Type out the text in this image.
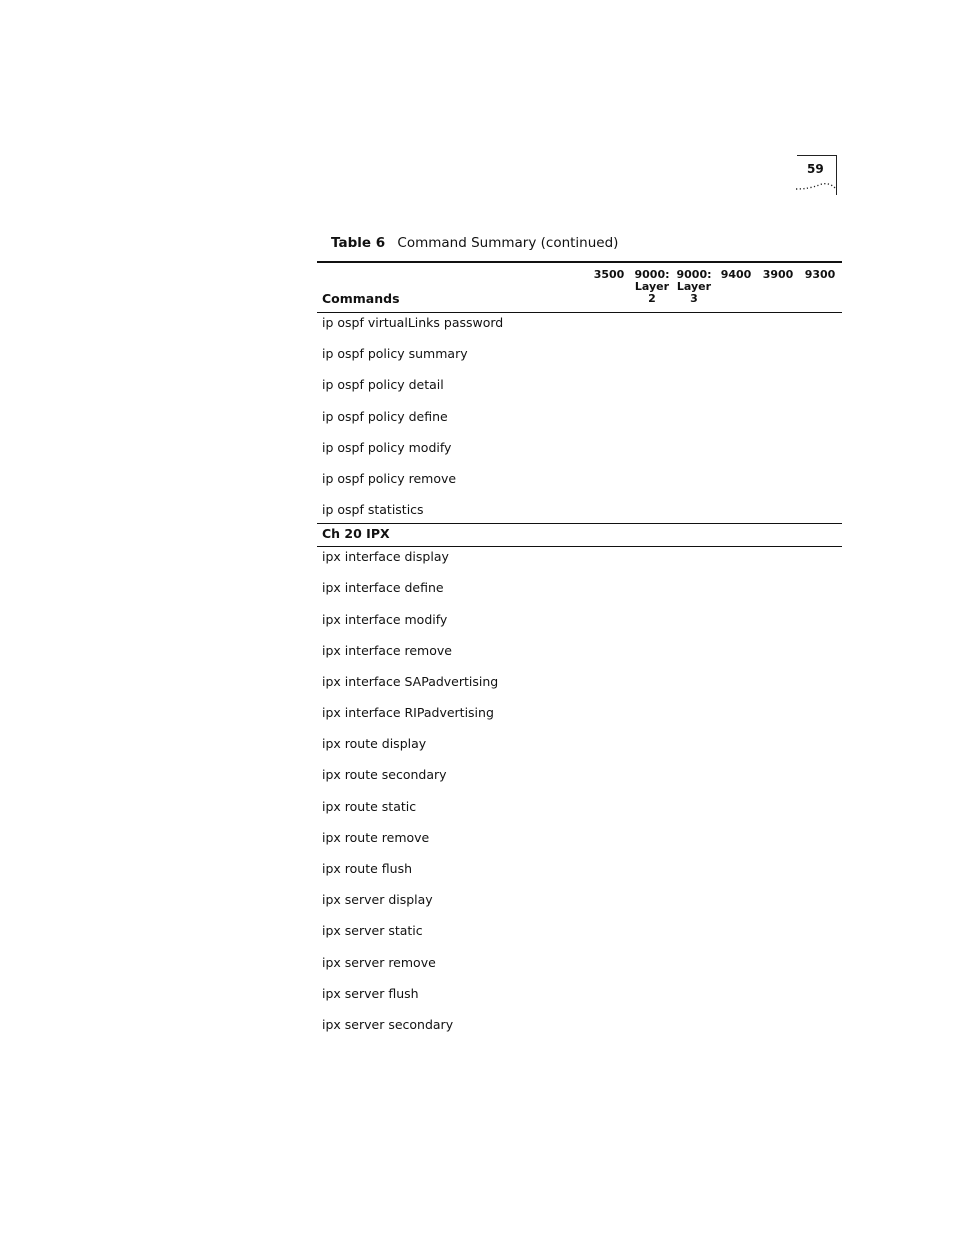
59
Table 6 Command Summary (continued)
Commands
3500 9000:
Layer
2
9000:
Layer
3
9400	3900	9300
ip ospf virtualLinks password
ip ospf policy summary
ip ospf policy detail
ip ospf policy define
ip ospf policy modify
ip ospf policy remove
ip ospf statistics
Ch 20 IPX
ipx interface display
ipx interface define
ipx interface modify
ipx interface remove
ipx interface SAPadvertising
ipx interface RIPadvertising
ipx route display
ipx route secondary
ipx route static
ipx route remove
ipx route flush
ipx server display
ipx server static
ipx server remove
ipx server flush
ipx server secondary
